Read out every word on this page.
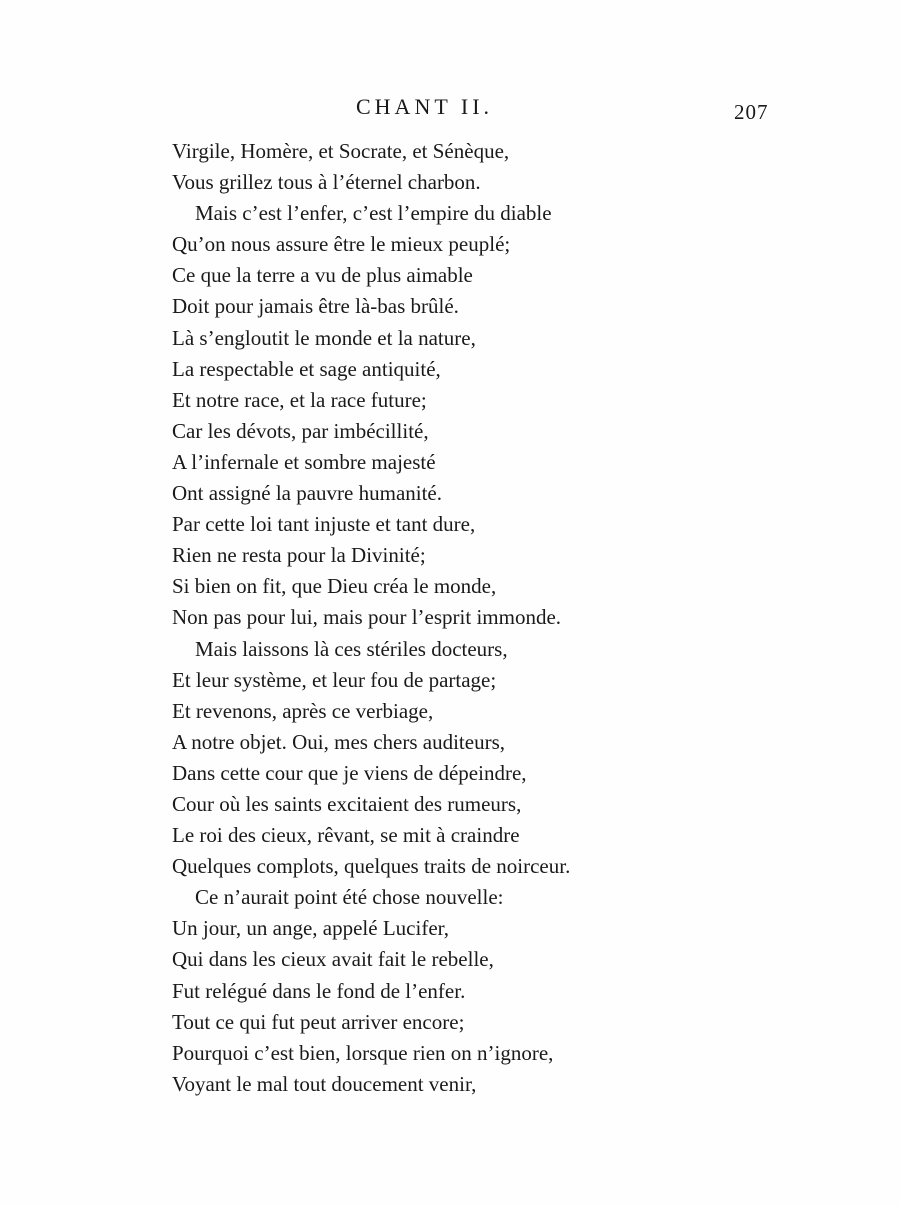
CHANT II.	207
Virgile, Homère, et Socrate, et Sénèque,
Vous grillez tous à l’éternel charbon.
Mais c’est l’enfer, c’est l’empire du diable
Qu’on nous assure être le mieux peuplé;
Ce que la terre a vu de plus aimable
Doit pour jamais être là-bas brûlé.
Là s’engloutit le monde et la nature,
La respectable et sage antiquité,
Et notre race, et la race future;
Car les dévots, par imbécillité,
A l’infernale et sombre majesté
Ont assigné la pauvre humanité.
Par cette loi tant injuste et tant dure,
Rien ne resta pour la Divinité;
Si bien on fit, que Dieu créa le monde,
Non pas pour lui, mais pour l’esprit immonde.
Mais laissons là ces stériles docteurs,
Et leur système, et leur fou de partage;
Et revenons, après ce verbiage,
A notre objet. Oui, mes chers auditeurs,
Dans cette cour que je viens de dépeindre,
Cour où les saints excitaient des rumeurs,
Le roi des cieux, rêvant, se mit à craindre
Quelques complots, quelques traits de noirceur.
Ce n’aurait point été chose nouvelle:
Un jour, un ange, appelé Lucifer,
Qui dans les cieux avait fait le rebelle,
Fut relégué dans le fond de l’enfer.
Tout ce qui fut peut arriver encore;
Pourquoi c’est bien, lorsque rien on n’ignore,
Voyant le mal tout doucement venir,
